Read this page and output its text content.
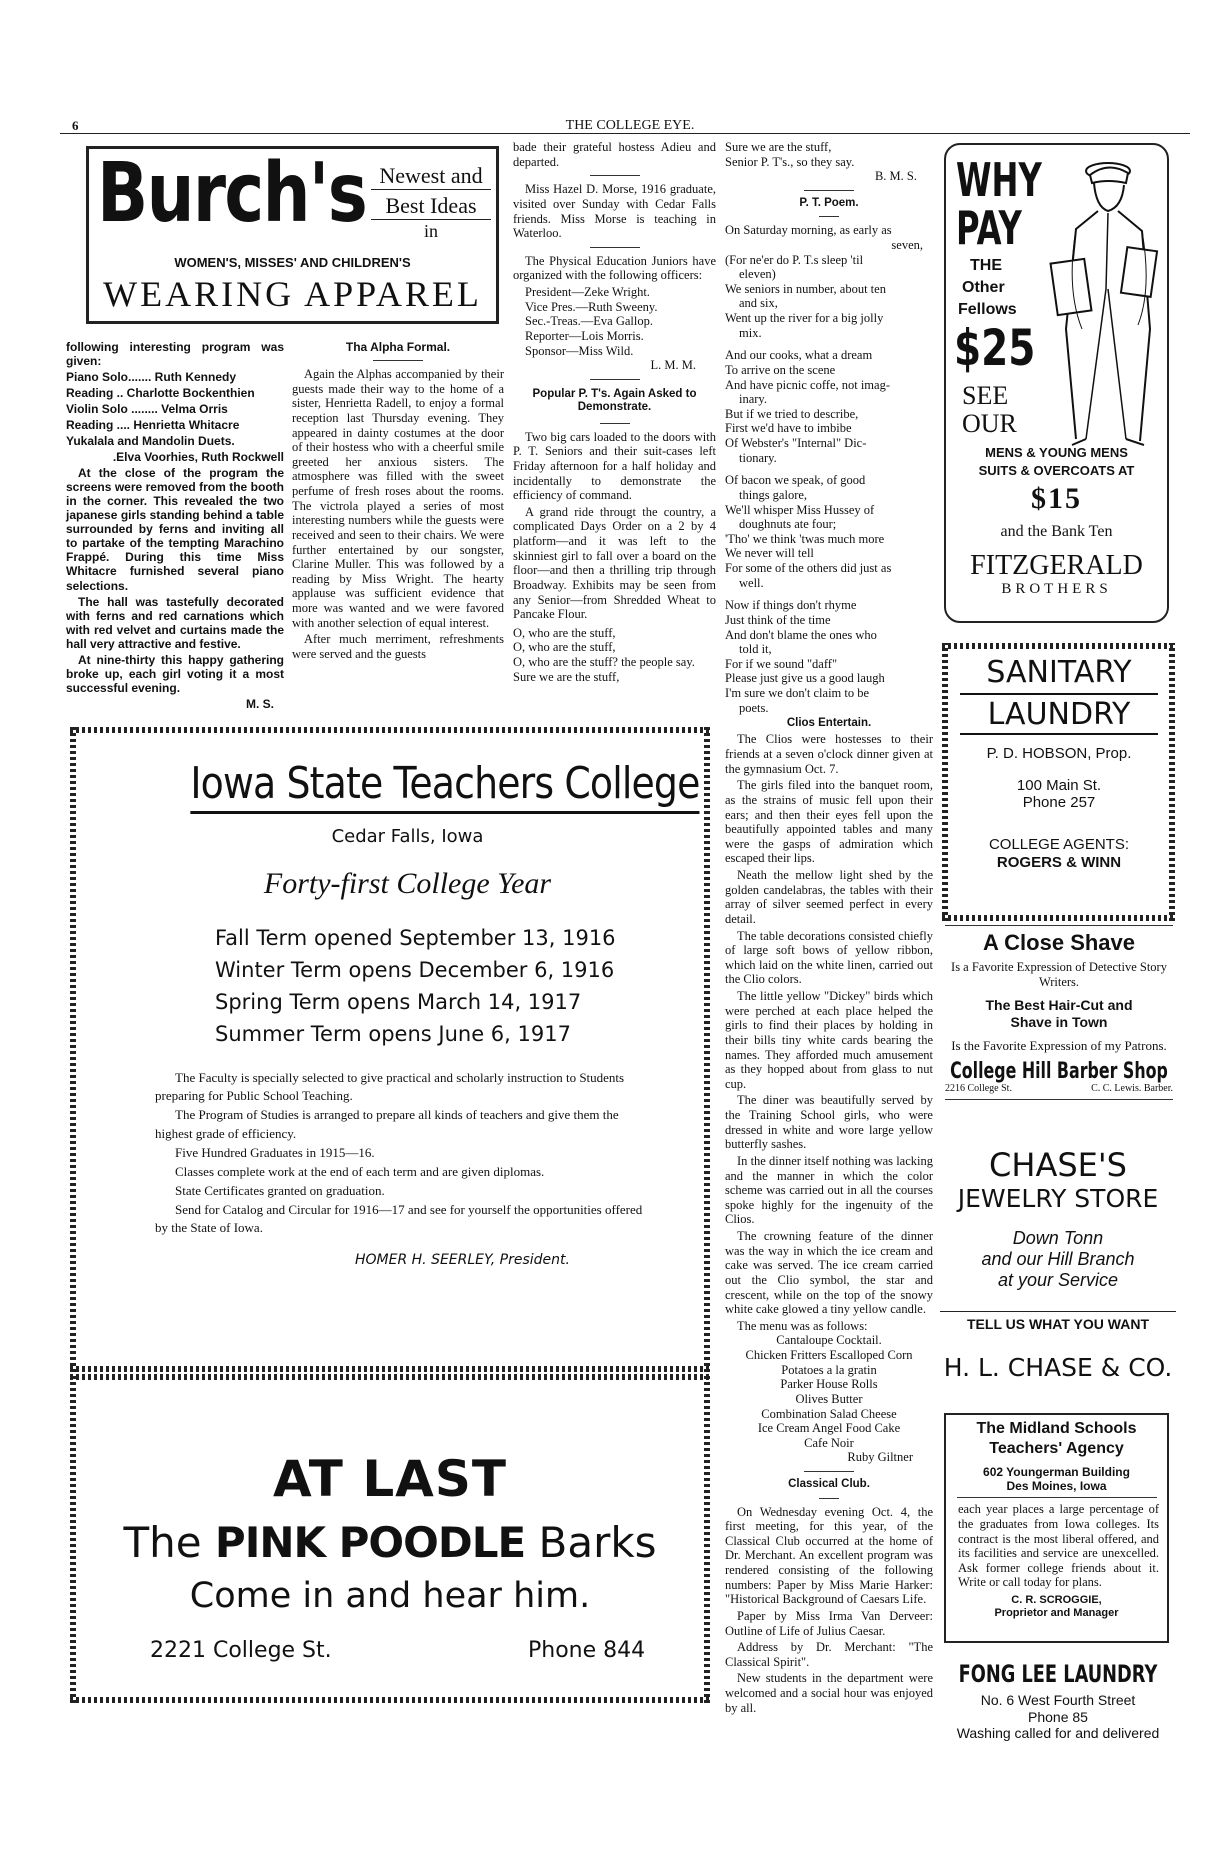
6	THE COLLEGE EYE.
Burch's Newest and
Best Ideas
in
WOMEN'S, MISSES' AND CHILDREN'S
WEARING APPAREL

following interesting program was given:

Piano Solo....... Ruth Kennedy

Reading .. Charlotte Bockenthien

Violin Solo ........ Velma Orris

Reading .... Henrietta Whitacre

Yukalala and Mandolin Duets.

.Elva Voorhies, Ruth Rockwell

At the close of the program the screens were removed from the booth in the corner. This revealed the two japanese girls standing behind a table surrounded by ferns and inviting all to partake of the tempting Marachino Frappé. During this time Miss Whitacre furnished several piano selections.

The hall was tastefully decorated with ferns and red carnations which with red velvet and curtains made the hall very attractive and festive.

At nine-thirty this happy gathering broke up, each girl voting it a most successful evening.

M. S.

Tha Alpha Formal.

Again the Alphas accompanied by their guests made their way to the home of a sister, Henrietta Radell, to enjoy a formal reception last Thursday evening. They appeared in dainty costumes at the door of their hostess who with a cheerful smile greeted her anxious sisters. The atmosphere was filled with the sweet perfume of fresh roses about the rooms. The victrola played a series of most interesting numbers while the guests were received and seen to their chairs. We were further entertained by our songster, Clarine Muller. This was followed by a reading by Miss Wright. The hearty applause was sufficient evidence that more was wanted and we were favored with another selection of equal interest.

After much merriment, refreshments were served and the guests

bade their grateful hostess Adieu and departed.

Miss Hazel D. Morse, 1916 graduate, visited over Sunday with Cedar Falls friends. Miss Morse is teaching in Waterloo.

The Physical Education Juniors have organized with the following officers:

President—Zeke Wright.

Vice Pres.—Ruth Sweeny.

Sec.-Treas.—Eva Gallop.

Reporter—Lois Morris.

Sponsor—Miss Wild.

L. M. M.

Popular P. T's. Again Asked to Demonstrate.

Two big cars loaded to the doors with P. T. Seniors and their suit-cases left Friday afternoon for a half holiday and incidentally to demonstrate the efficiency of command.

A grand ride througt the country, a complicated Days Order on a 2 by 4 platform—and it was left to the skinniest girl to fall over a board on the floor—and then a thrilling trip through Broadway. Exhibits may be seen from any Senior—from Shredded Wheat to Pancake Flour.

O, who are the stuff,

O, who are the stuff,

O, who are the stuff? the people say.

Sure we are the stuff,

Sure we are the stuff,

Senior P. T's., so they say.

B. M. S.

P. T. Poem.

On Saturday morning, as early as

seven,

(For ne'er do P. T.s sleep 'til

eleven)

We seniors in number, about ten

and six,

Went up the river for a big jolly

mix.

And our cooks, what a dream

To arrive on the scene

And have picnic coffe, not imag-

inary.

But if we tried to describe,

First we'd have to imbibe

Of Webster's "Internal" Dic-

tionary.

Of bacon we speak, of good

things galore,

We'll whisper Miss Hussey of

doughnuts ate four;

'Tho' we think 'twas much more

We never will tell

For some of the others did just as

well.

Now if things don't rhyme

Just think of the time

And don't blame the ones who

told it,

For if we sound "daff"

Please just give us a good laugh

I'm sure we don't claim to be

poets.

Clios Entertain.

The Clios were hostesses to their friends at a seven o'clock dinner given at the gymnasium Oct. 7.

The girls filed into the banquet room, as the strains of music fell upon their ears; and then their eyes fell upon the beautifully appointed tables and many were the gasps of admiration which escaped their lips.

Neath the mellow light shed by the golden candelabras, the tables with their array of silver seemed perfect in every detail.

The table decorations consisted chiefly of large soft bows of yellow ribbon, which laid on the white linen, carried out the Clio colors.

The little yellow "Dickey" birds which were perched at each place helped the girls to find their places by holding in their bills tiny white cards bearing the names. They afforded much amusement as they hopped about from glass to nut cup.

The diner was beautifully served by the Training School girls, who were dressed in white and wore large yellow butterfly sashes.

In the dinner itself nothing was lacking and the manner in which the color scheme was carried out in all the courses spoke highly for the ingenuity of the Clios.

The crowning feature of the dinner was the way in which the ice cream and cake was served. The ice cream carried out the Clio symbol, the star and crescent, while on the top of the snowy white cake glowed a tiny yellow candle.

The menu was as follows:

Cantaloupe Cocktail.

Chicken Fritters Escalloped Corn

Potatoes a la gratin

Parker House Rolls

Olives Butter

Combination Salad Cheese

Ice Cream Angel Food Cake

Cafe Noir

Ruby Giltner

Classical Club.

On Wednesday evening Oct. 4, the first meeting, for this year, of the Classical Club occurred at the home of Dr. Merchant. An excellent program was rendered consisting of the following numbers: Paper by Miss Marie Harker: "Historical Background of Caesars Life.

Paper by Miss Irma Van Derveer: Outline of Life of Julius Caesar.

Address by Dr. Merchant: "The Classical Spirit".

New students in the department were welcomed and a social hour was enjoyed by all.

Iowa State Teachers College
Cedar Falls, Iowa
Forty-first College Year
Fall Term opened September 13, 1916
Winter Term opens December 6, 1916
Spring Term opens March 14, 1917
Summer Term opens June 6, 1917

The Faculty is specially selected to give practical and scholarly instruction to Students preparing for Public School Teaching.

The Program of Studies is arranged to prepare all kinds of teachers and give them the highest grade of efficiency.

Five Hundred Graduates in 1915—16.

Classes complete work at the end of each term and are given diplomas.

State Certificates granted on graduation.

Send for Catalog and Circular for 1916—17 and see for yourself the opportunities offered by the State of Iowa.

HOMER H. SEERLEY, President.
AT LAST
The PINK POODLE Barks
Come in and hear him.
2221 College St.	Phone 844
WHY
PAY
THE
Other
Fellows
$25
SEE
OUR
MENS & YOUNG MENS
SUITS & OVERCOATS AT
$15
and the Bank Ten
FITZGERALD
BROTHERS
SANITARY
LAUNDRY
P. D. HOBSON, Prop.
100 Main St.
Phone 257
COLLEGE AGENTS:
ROGERS & WINN
A Close Shave
Is a Favorite Expression of Detective Story Writers.
The Best Hair-Cut and Shave in Town
Is the Favorite Expression of my Patrons.
College Hill Barber Shop
2216 College St.	C. C. Lewis. Barber.
CHASE'S
JEWELRY STORE
Down Tonn
and our Hill Branch
at your Service
TELL US WHAT YOU WANT
H. L. CHASE & CO.
The Midland Schools Teachers' Agency
602 Youngerman Building
Des Moines, Iowa
each year places a large percentage of the graduates from Iowa colleges. Its contract is the most liberal offered, and its facilities and service are unexcelled. Ask former college friends about it. Write or call today for plans.
C. R. SCROGGIE,
Proprietor and Manager
FONG LEE LAUNDRY
No. 6 West Fourth Street
Phone 85
Washing called for and delivered
